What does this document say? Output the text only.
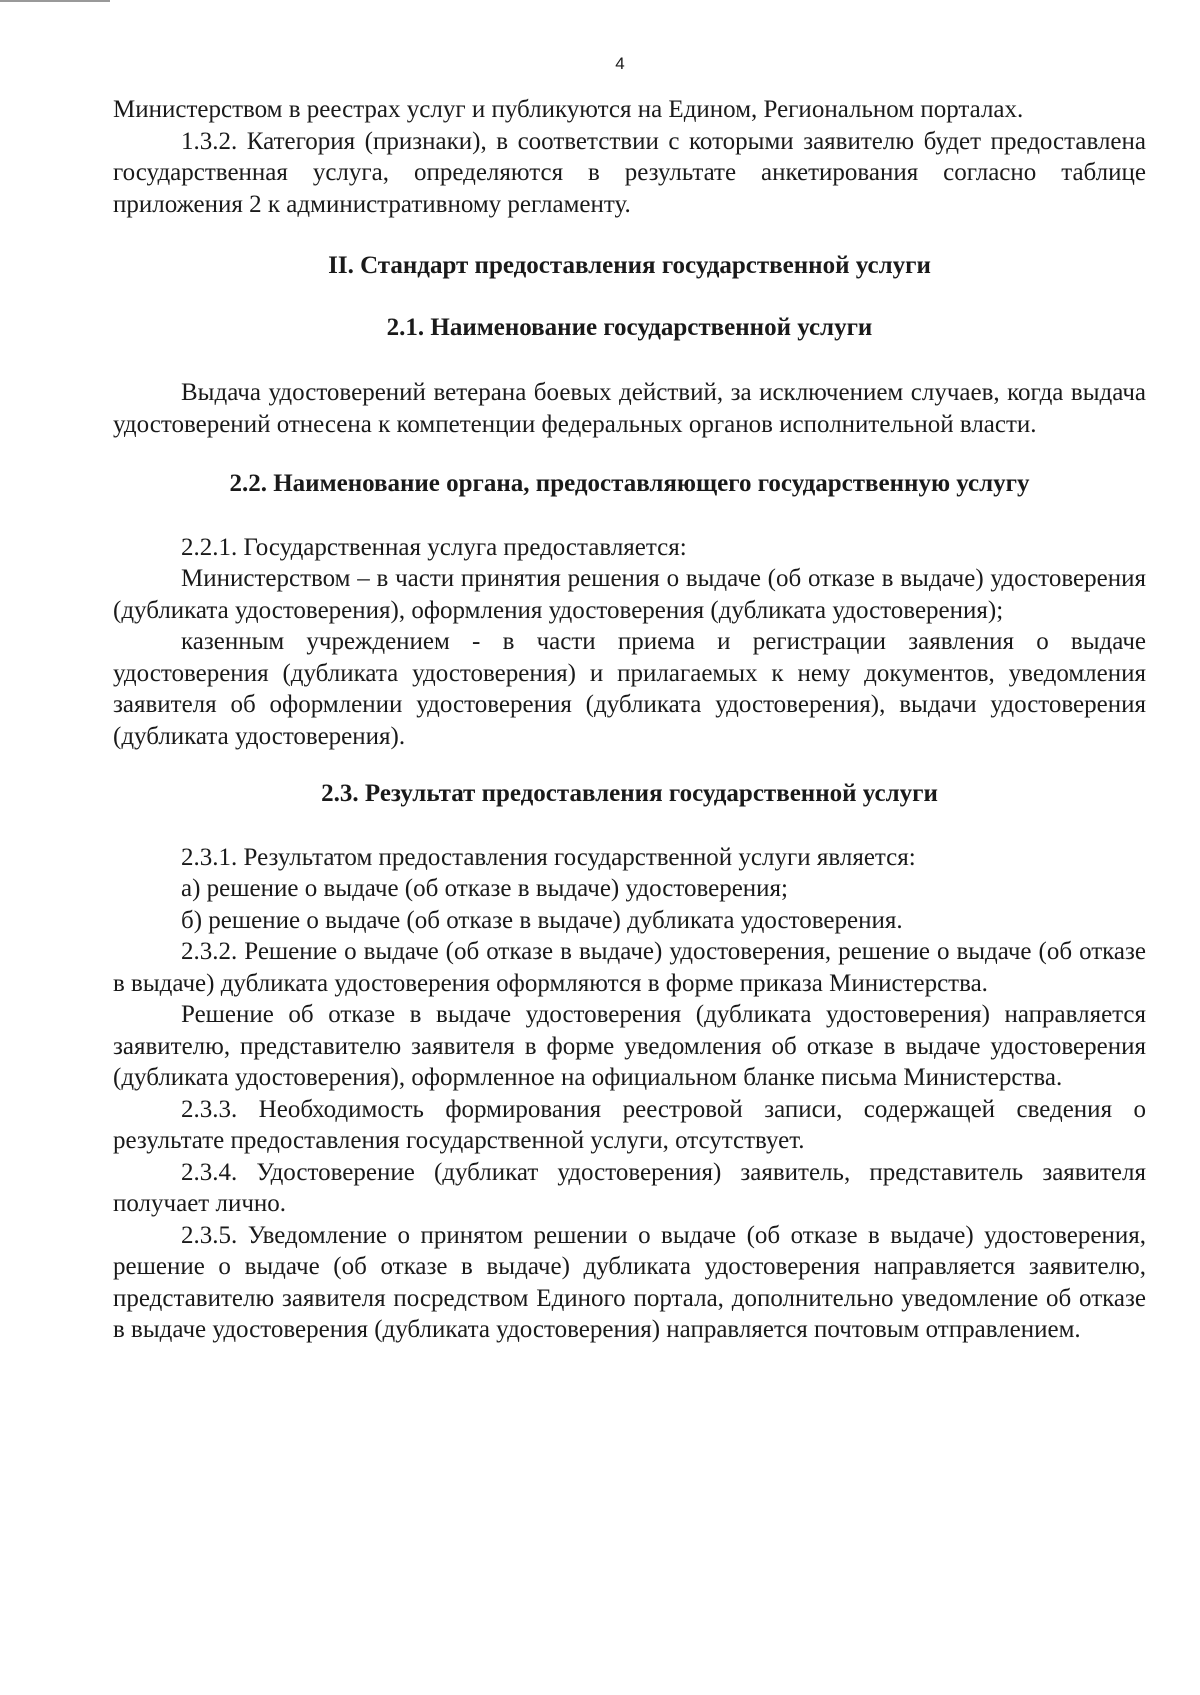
4

Министерством в реестрах услуг и публикуются на Едином, Региональном порталах.

1.3.2. Категория (признаки), в соответствии с которыми заявителю будет предоставлена государственная услуга, определяются в результате анкетирования согласно таблице приложения 2 к административному регламенту.

II. Стандарт предоставления государственной услуги

2.1. Наименование государственной услуги

Выдача удостоверений ветерана боевых действий, за исключением случаев, когда выдача удостоверений отнесена к компетенции федеральных органов исполнительной власти.

2.2. Наименование органа, предоставляющего государственную услугу

2.2.1. Государственная услуга предоставляется:

Министерством – в части принятия решения о выдаче (об отказе в выдаче) удостоверения (дубликата удостоверения), оформления удостоверения (дубликата удостоверения);

казенным учреждением - в части приема и регистрации заявления о выдаче удостоверения (дубликата удостоверения) и прилагаемых к нему документов, уведомления заявителя об оформлении удостоверения (дубликата удостоверения), выдачи удостоверения (дубликата удостоверения).

2.3. Результат предоставления государственной услуги

2.3.1. Результатом предоставления государственной услуги является:

а) решение о выдаче (об отказе в выдаче) удостоверения;

б) решение о выдаче (об отказе в выдаче) дубликата удостоверения.

2.3.2. Решение о выдаче (об отказе в выдаче) удостоверения, решение о выдаче (об отказе в выдаче) дубликата удостоверения оформляются в форме приказа Министерства.

Решение об отказе в выдаче удостоверения (дубликата удостоверения) направляется заявителю, представителю заявителя в форме уведомления об отказе в выдаче удостоверения (дубликата удостоверения), оформленное на официальном бланке письма Министерства.

2.3.3. Необходимость формирования реестровой записи, содержащей сведения о результате предоставления государственной услуги, отсутствует.

2.3.4. Удостоверение (дубликат удостоверения) заявитель, представитель заявителя получает лично.

2.3.5. Уведомление о принятом решении о выдаче (об отказе в выдаче) удостоверения, решение о выдаче (об отказе в выдаче) дубликата удостоверения направляется заявителю, представителю заявителя посредством Единого портала, дополнительно уведомление об отказе в выдаче удостоверения (дубликата удостоверения) направляется почтовым отправлением.
